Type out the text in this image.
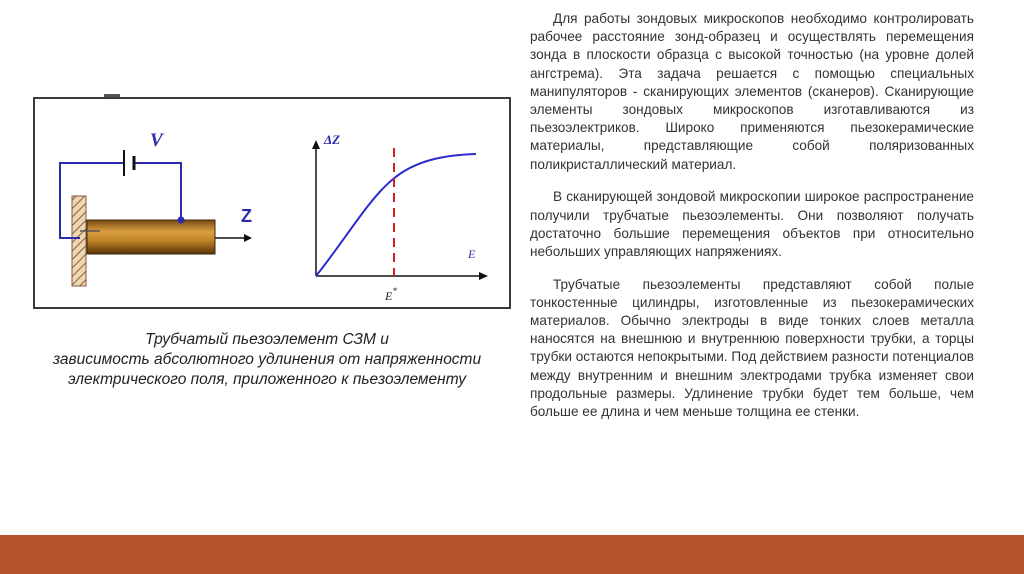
V
Z
ΔZ
E
E*
Трубчатый пьезоэлемент СЗМ и
зависимость абсолютного удлинения от напряженности
электрического поля, приложенного к пьезоэлементу

Для работы зондовых микроскопов необходимо контролировать рабочее расстояние зонд-образец и осуществлять перемещения зонда в плоскости образца с высокой точностью (на уровне долей ангстрема). Эта задача решается с помощью специальных манипуляторов - сканирующих элементов (сканеров). Сканирующие элементы зондовых микроскопов изготавливаются из пьезоэлектриков. Широко применяются пьезокерамические материалы, представляющие собой поляризованных поликристаллический материал.

В сканирующей зондовой микроскопии широкое распространение получили трубчатые пьезоэлементы. Они позволяют получать достаточно большие перемещения объектов при относительно небольших управляющих напряжениях.

Трубчатые пьезоэлементы представляют собой полые тонкостенные цилиндры, изготовленные из пьезокерамических материалов. Обычно электроды в виде тонких слоев металла наносятся на внешнюю и внутреннюю поверхности трубки, а торцы трубки остаются непокрытыми. Под действием разности потенциалов между внутренним и внешним электродами трубка изменяет свои продольные размеры. Удлинение трубки будет тем больше, чем больше ее длина и чем меньше толщина ее стенки.
